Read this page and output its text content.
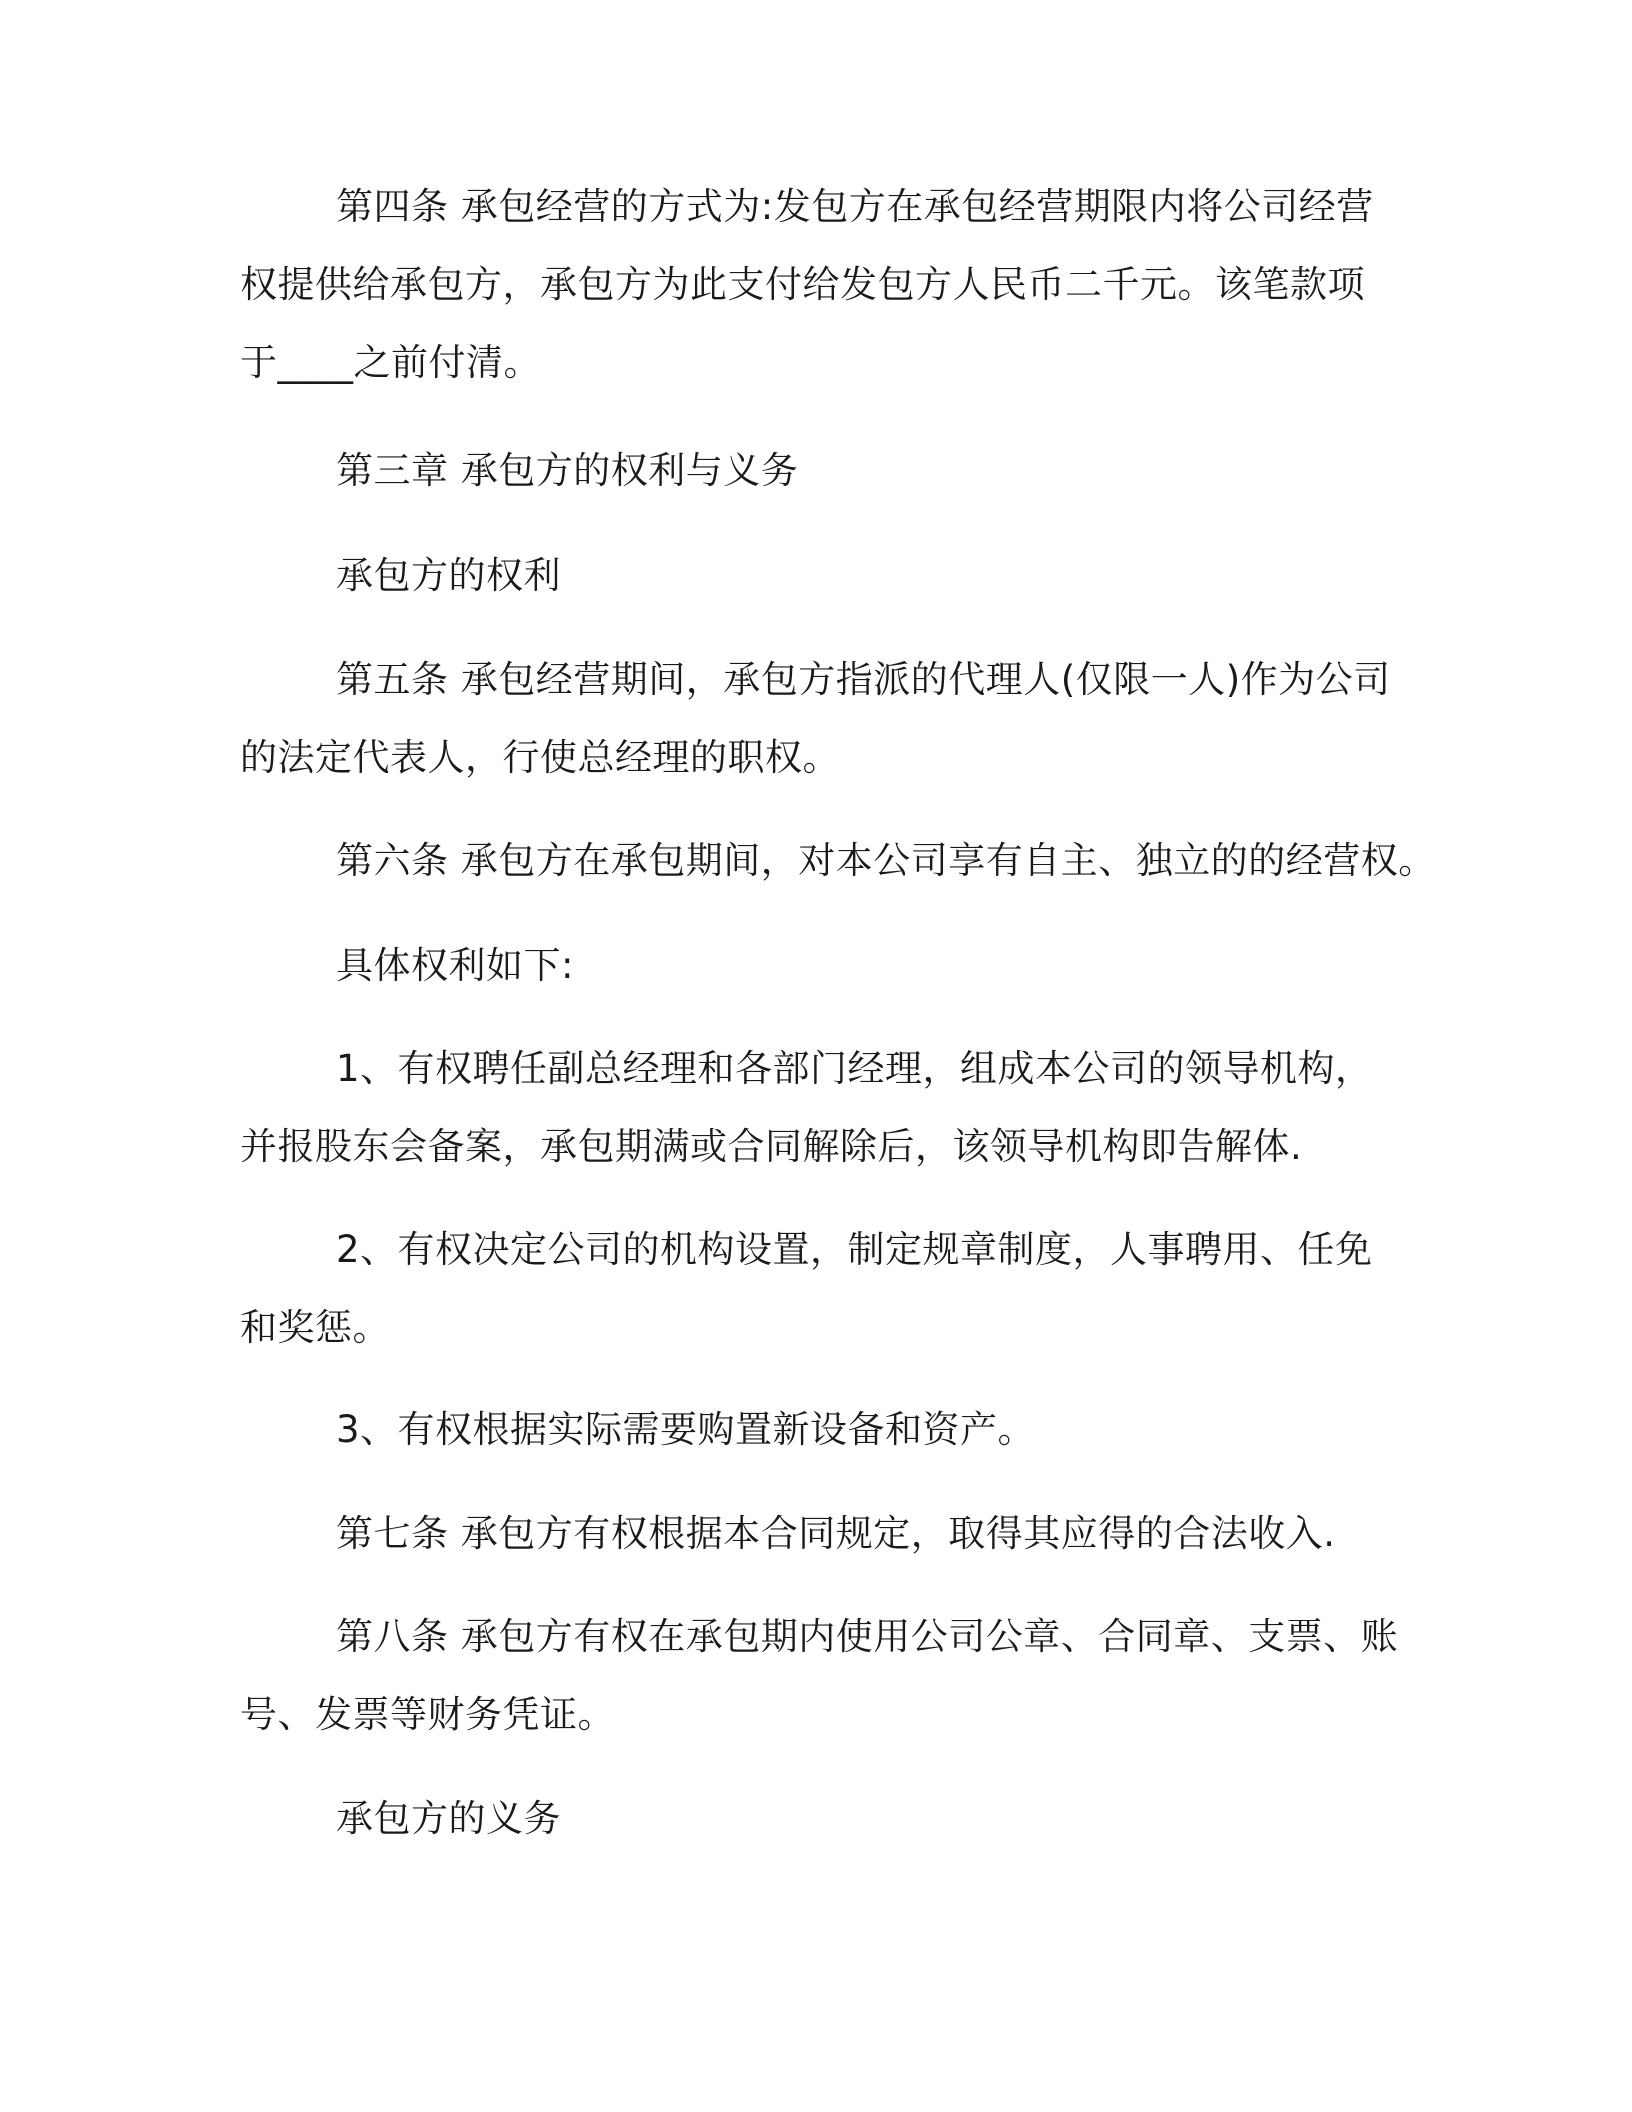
第四条 承包经营的方式为:发包方在承包经营期限内将公司经营
权提供给承包方，承包方为此支付给发包方人民币二千元。该笔款项
于____之前付清。

第三章 承包方的权利与义务

承包方的权利

第五条 承包经营期间，承包方指派的代理人(仅限一人)作为公司
的法定代表人，行使总经理的职权。

第六条 承包方在承包期间，对本公司享有自主、独立的的经营权。

具体权利如下:

1、有权聘任副总经理和各部门经理，组成本公司的领导机构，
并报股东会备案，承包期满或合同解除后，该领导机构即告解体.

2、有权决定公司的机构设置，制定规章制度，人事聘用、任免
和奖惩。

3、有权根据实际需要购置新设备和资产。

第七条 承包方有权根据本合同规定，取得其应得的合法收入.

第八条 承包方有权在承包期内使用公司公章、合同章、支票、账
号、发票等财务凭证。

承包方的义务
